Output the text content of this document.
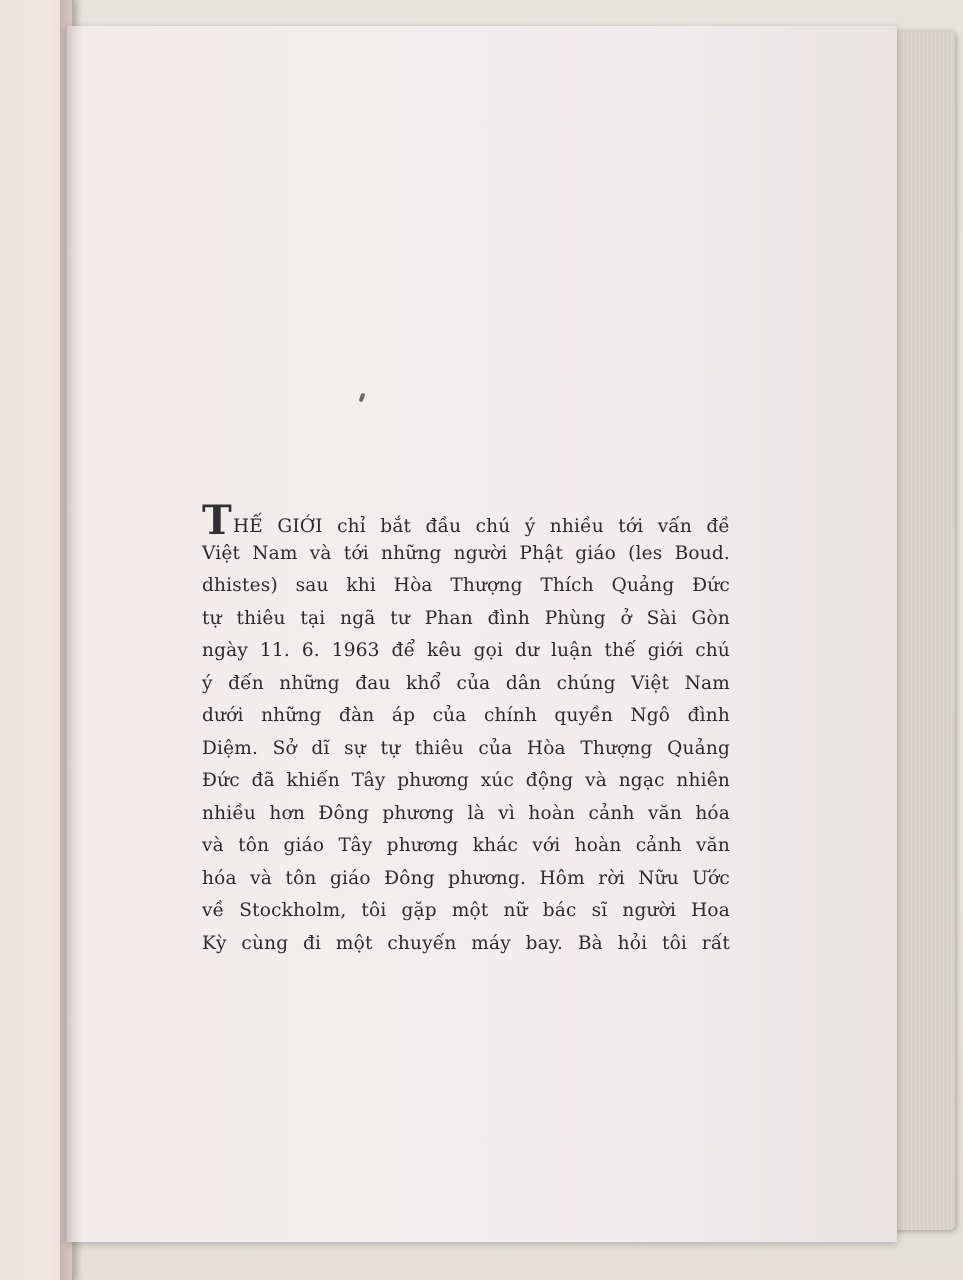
THẾ GIỚI chỉ bắt đầu chú ý nhiều tới vấn đề
Việt Nam và tới những người Phật giáo (les Boud.
dhistes) sau khi Hòa Thượng Thích Quảng Đức
tự thiêu tại ngã tư Phan đình Phùng ở Sài Gòn
ngày 11. 6. 1963 để kêu gọi dư luận thế giới chú
ý đến những đau khổ của dân chúng Việt Nam
dưới những đàn áp của chính quyền Ngô đình
Diệm. Sở dĩ sự tự thiêu của Hòa Thượng Quảng
Đức đã khiến Tây phương xúc động và ngạc nhiên
nhiều hơn Đông phương là vì hoàn cảnh văn hóa
và tôn giáo Tây phương khác với hoàn cảnh văn
hóa và tôn giáo Đông phương. Hôm rời Nữu Ước
về Stockholm, tôi gặp một nữ bác sĩ người Hoa
Kỳ cùng đi một chuyến máy bay. Bà hỏi tôi rất
